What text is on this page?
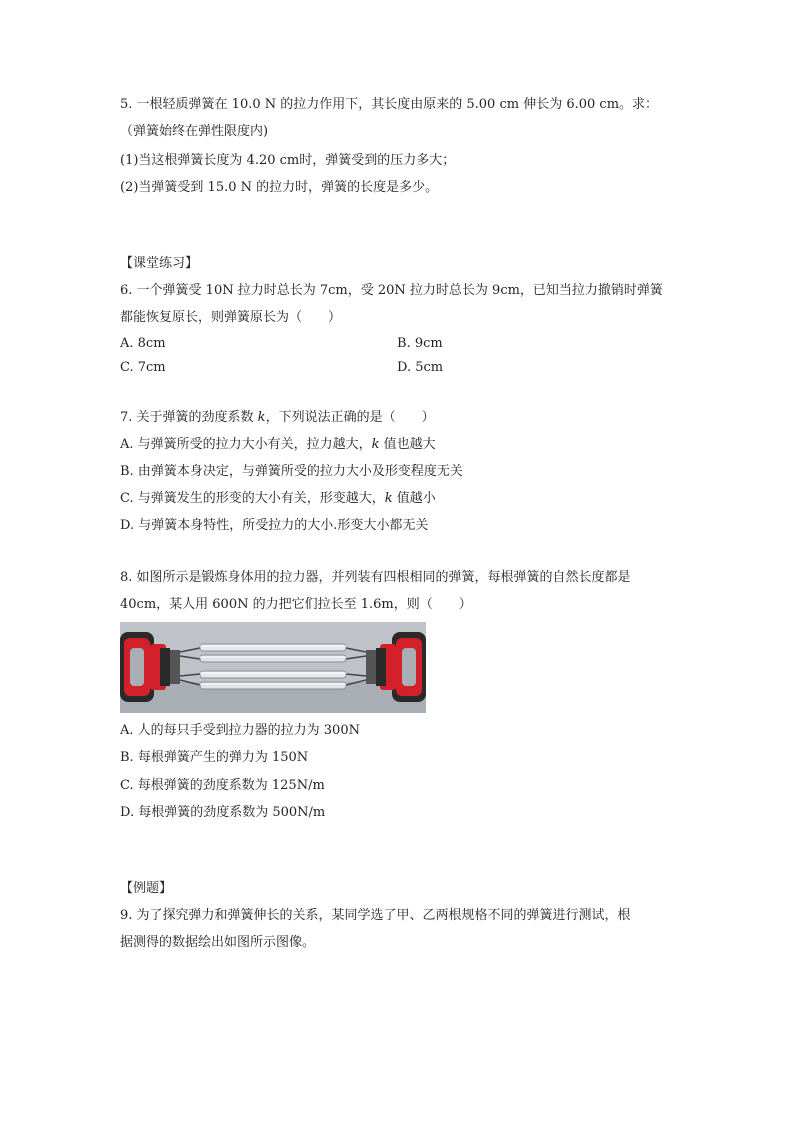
5. 一根轻质弹簧在 10.0 N 的拉力作用下，其长度由原来的 5.00 cm 伸长为 6.00 cm。求：
（弹簧始终在弹性限度内)
(1)当这根弹簧长度为 4.20 cm时，弹簧受到的压力多大；
(2)当弹簧受到 15.0 N 的拉力时，弹簧的长度是多少。
【课堂练习】
6. 一个弹簧受 10N 拉力时总长为 7cm，受 20N 拉力时总长为 9cm，已知当拉力撤销时弹簧
都能恢复原长，则弹簧原长为（　　）
A. 8cm	B. 9cm
C. 7cm	D. 5cm
7. 关于弹簧的劲度系数 k，下列说法正确的是（　　）
A. 与弹簧所受的拉力大小有关，拉力越大，k 值也越大
B. 由弹簧本身决定，与弹簧所受的拉力大小及形变程度无关
C. 与弹簧发生的形变的大小有关，形变越大，k 值越小
D. 与弹簧本身特性，所受拉力的大小.形变大小都无关
8. 如图所示是锻炼身体用的拉力器，并列装有四根相同的弹簧，每根弹簧的自然长度都是
40cm，某人用 600N 的力把它们拉长至 1.6m，则（　　）
A. 人的每只手受到拉力器的拉力为 300N
B. 每根弹簧产生的弹力为 150N
C. 每根弹簧的劲度系数为 125N/m
D. 每根弹簧的劲度系数为 500N/m
【例题】
9. 为了探究弹力和弹簧伸长的关系，某同学选了甲、乙两根规格不同的弹簧进行测试，根
据测得的数据绘出如图所示图像。
